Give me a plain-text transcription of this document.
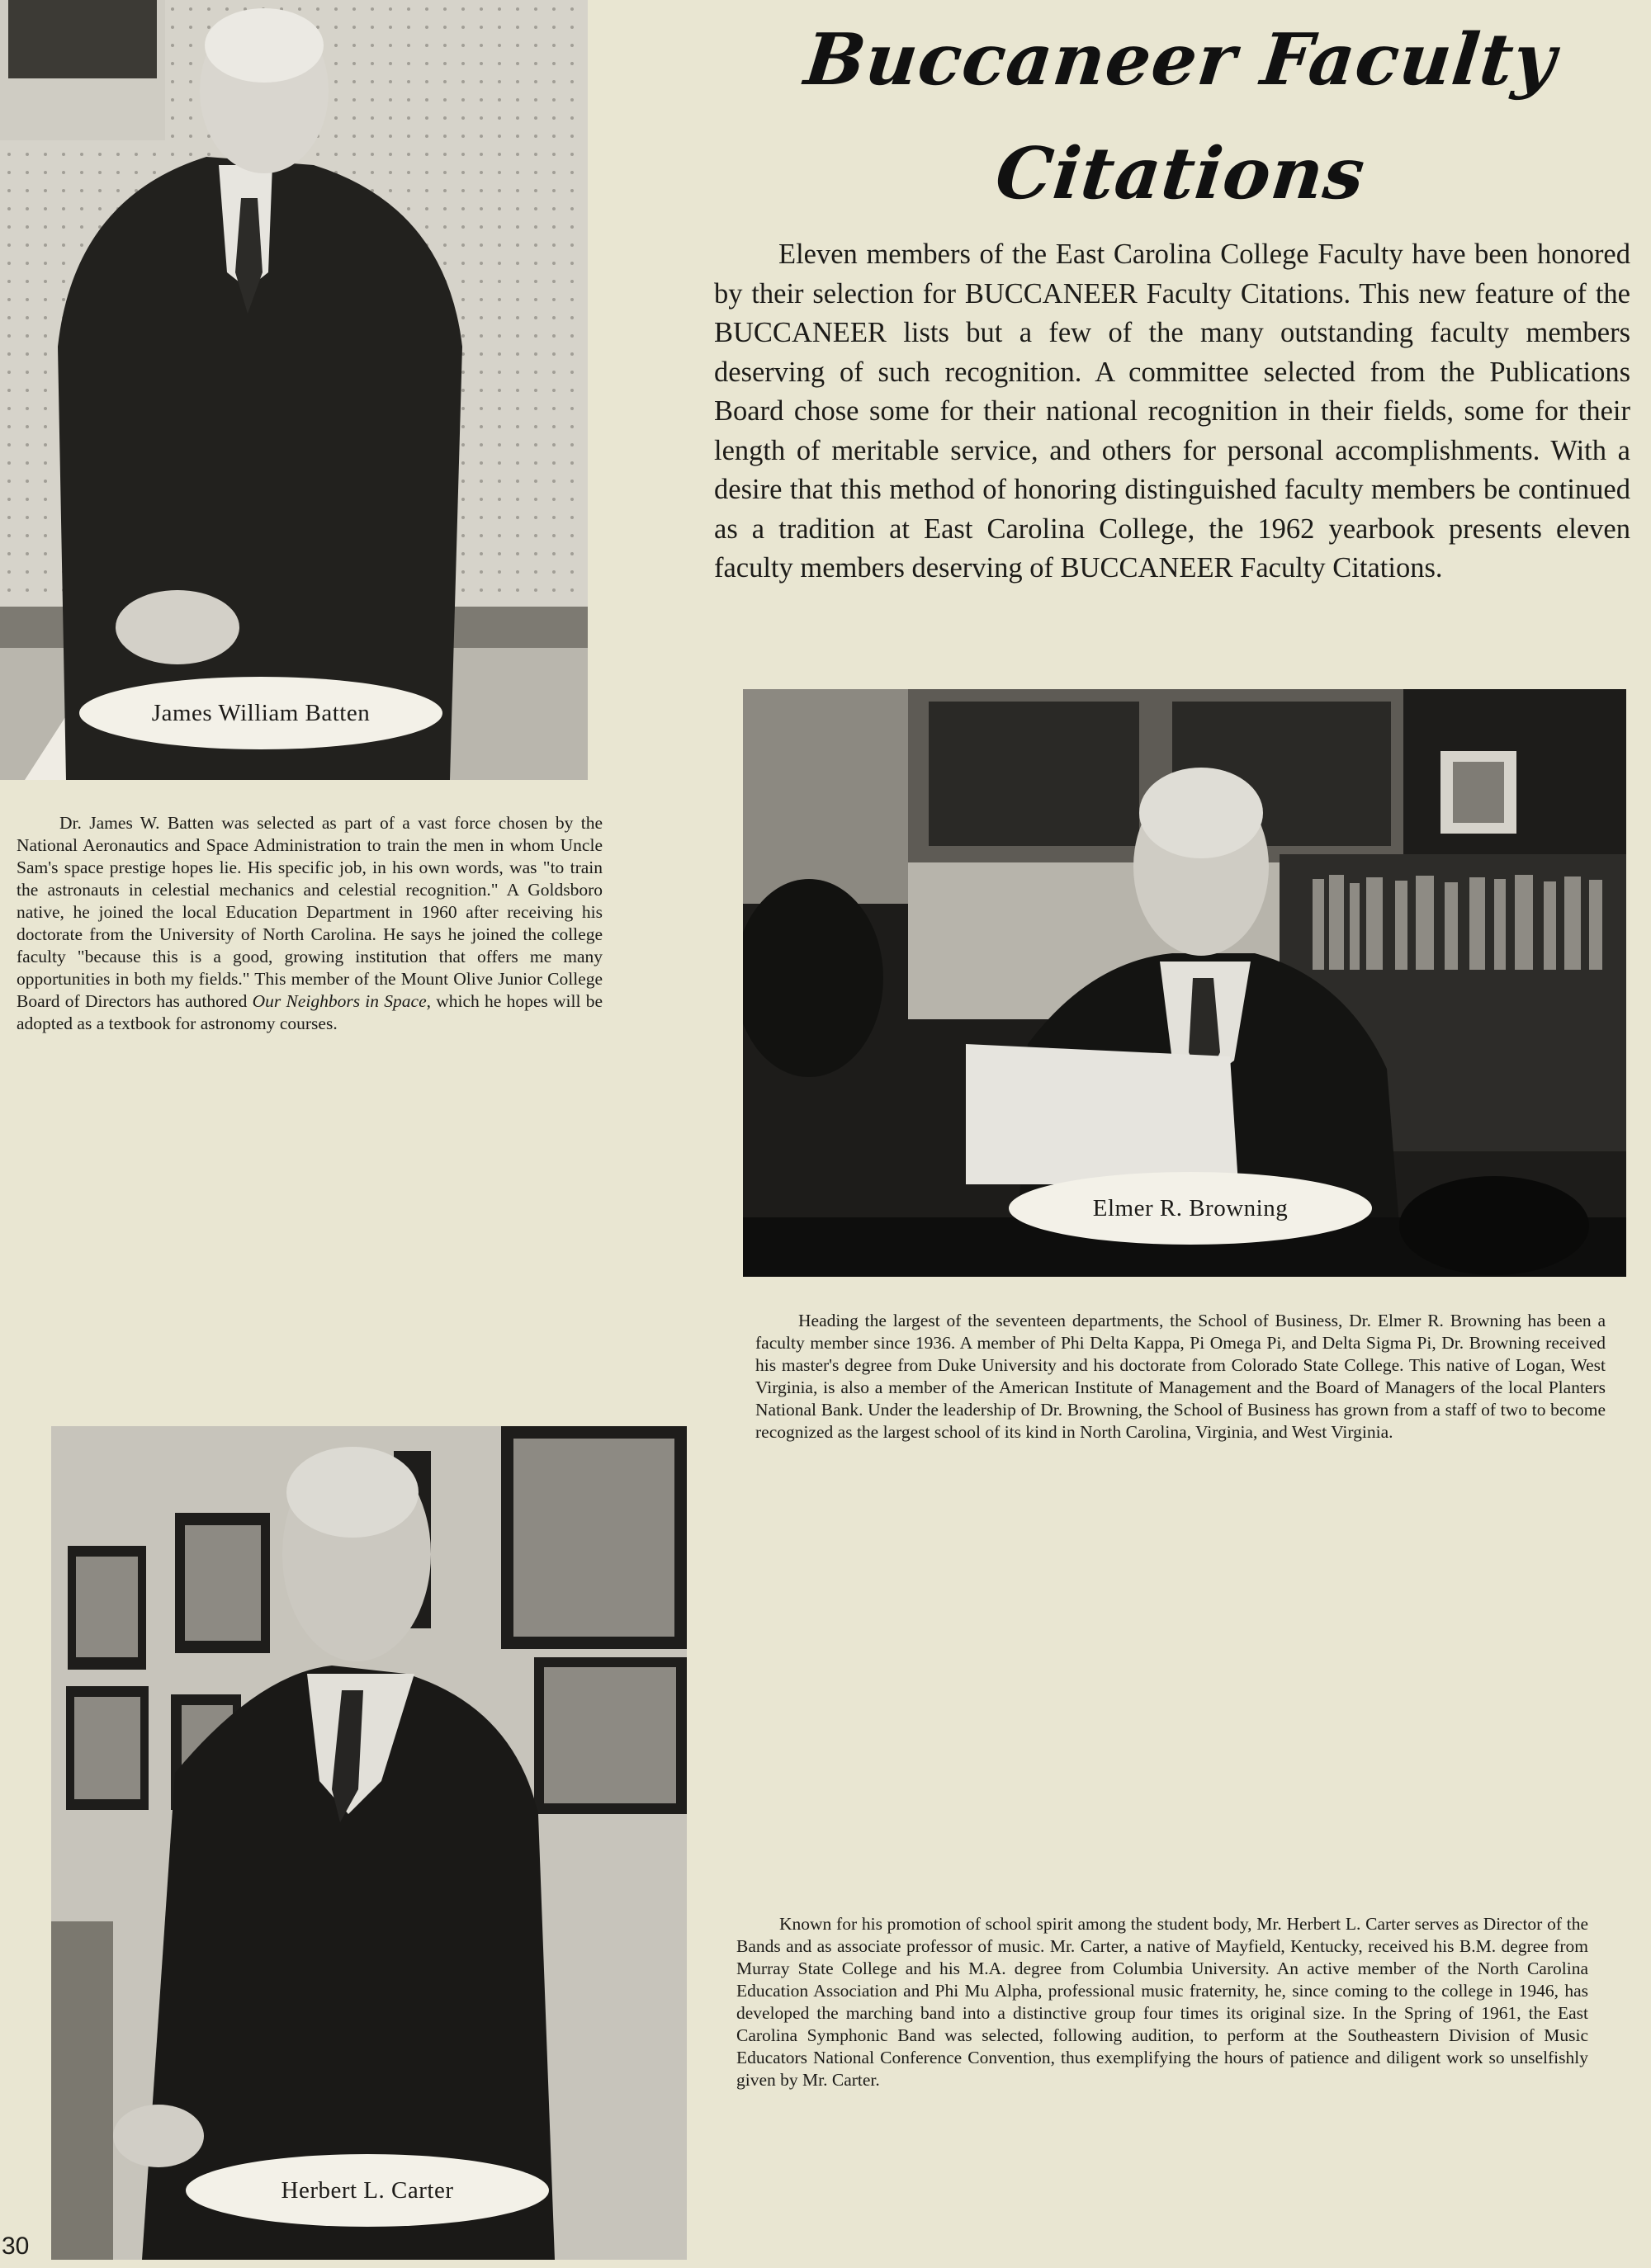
Buccaneer Faculty
Citations

Eleven members of the East Carolina College Faculty have been honored by their selection for BUCCANEER Faculty Citations. This new feature of the BUCCANEER lists but a few of the many outstanding faculty members deserving of such recognition. A committee selected from the Publications Board chose some for their national recognition in their fields, some for their length of meritable service, and others for personal accomplishments. With a desire that this method of honoring distinguished faculty members be continued as a tradition at East Carolina College, the 1962 yearbook presents eleven faculty members deserving of BUCCANEER Faculty Citations.

James William Batten

Dr. James W. Batten was selected as part of a vast force chosen by the National Aeronautics and Space Administration to train the men in whom Uncle Sam's space prestige hopes lie. His specific job, in his own words, was "to train the astronauts in celestial mechanics and celestial recognition." A Goldsboro native, he joined the local Education Department in 1960 after receiving his doctorate from the University of North Carolina. He says he joined the college faculty "because this is a good, growing institution that offers me many opportunities in both my fields." This member of the Mount Olive Junior College Board of Directors has authored Our Neighbors in Space, which he hopes will be adopted as a textbook for astronomy courses.

Elmer R. Browning

Heading the largest of the seventeen departments, the School of Business, Dr. Elmer R. Browning has been a faculty member since 1936. A member of Phi Delta Kappa, Pi Omega Pi, and Delta Sigma Pi, Dr. Browning received his master's degree from Duke University and his doctorate from Colorado State College. This native of Logan, West Virginia, is also a member of the American Institute of Management and the Board of Managers of the local Planters National Bank. Under the leadership of Dr. Browning, the School of Business has grown from a staff of two to become recognized as the largest school of its kind in North Carolina, Virginia, and West Virginia.

Herbert L. Carter

Known for his promotion of school spirit among the student body, Mr. Herbert L. Carter serves as Director of the Bands and as associate professor of music. Mr. Carter, a native of Mayfield, Kentucky, received his B.M. degree from Murray State College and his M.A. degree from Columbia University. An active member of the North Carolina Education Association and Phi Mu Alpha, professional music fraternity, he, since coming to the college in 1946, has developed the marching band into a distinctive group four times its original size. In the Spring of 1961, the East Carolina Symphonic Band was selected, following audition, to perform at the Southeastern Division of Music Educators National Conference Convention, thus exemplifying the hours of patience and diligent work so unselfishly given by Mr. Carter.

30
